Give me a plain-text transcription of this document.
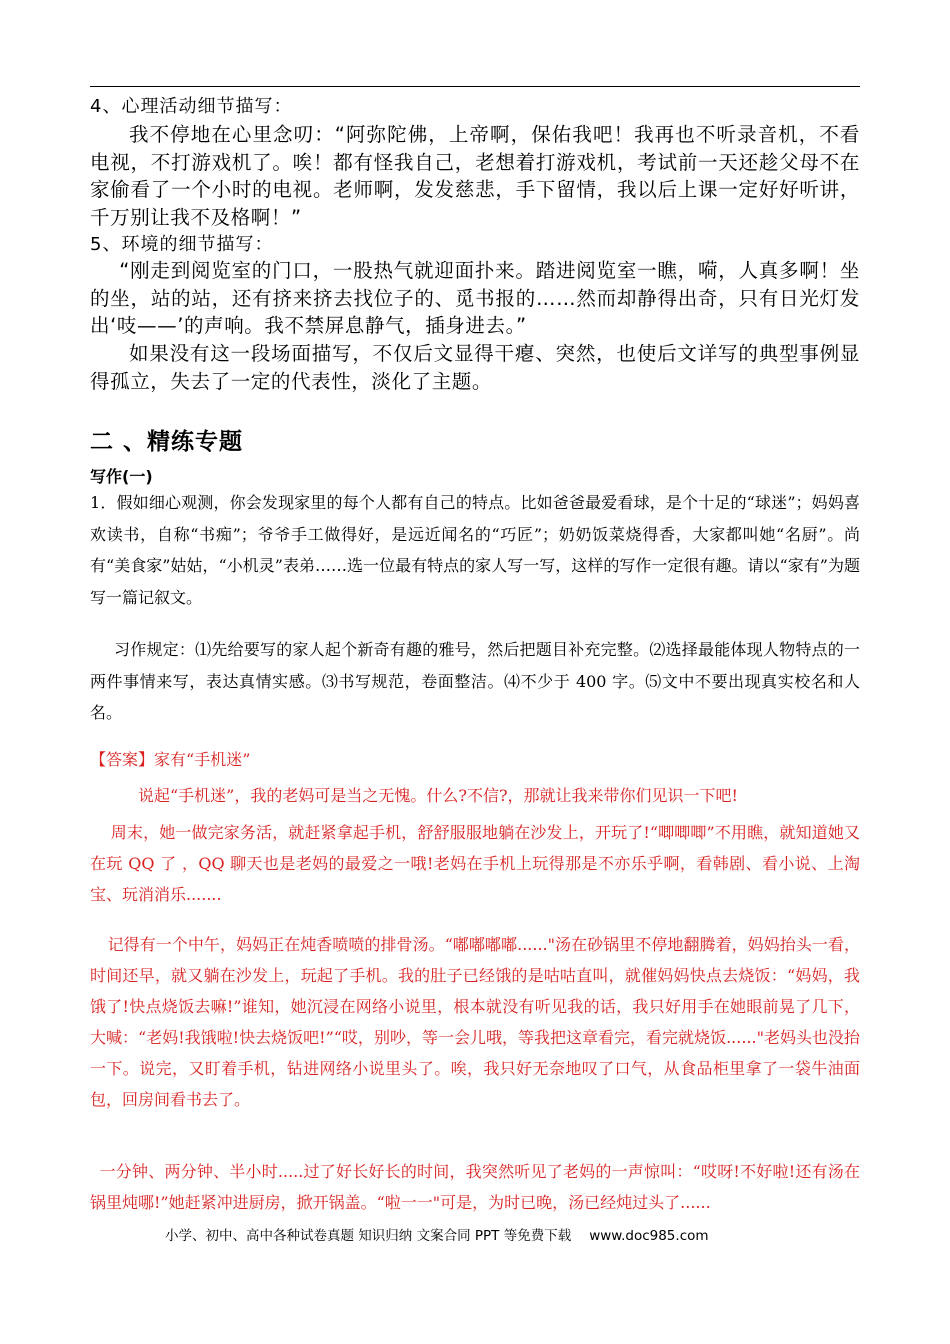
4、心理活动细节描写：
我不停地在心里念叨：“阿弥陀佛，上帝啊，保佑我吧！我再也不听录音机，不看电视，不打游戏机了。唉！都有怪我自己，老想着打游戏机，考试前一天还趁父母不在家偷看了一个小时的电视。老师啊，发发慈悲，手下留情，我以后上课一定好好听讲，千万别让我不及格啊！”
5、环境的细节描写：
“刚走到阅览室的门口，一股热气就迎面扑来。踏进阅览室一瞧，嗬，人真多啊！坐的坐，站的站，还有挤来挤去找位子的、觅书报的……然而却静得出奇，只有日光灯发出‘吱——’的声响。我不禁屏息静气，插身进去。”
如果没有这一段场面描写，不仅后文显得干瘪、突然，也使后文详写的典型事例显得孤立，失去了一定的代表性，淡化了主题。
二 、精练专题
写作(一)
1．假如细心观测，你会发现家里的每个人都有自己的特点。比如爸爸最爱看球，是个十足的“球迷”；妈妈喜欢读书，自称“书痴”；爷爷手工做得好，是远近闻名的“巧匠”；奶奶饭菜烧得香，大家都叫她“名厨”。尚有“美食家”姑姑，“小机灵”表弟……选一位最有特点的家人写一写，这样的写作一定很有趣。请以“家有”为题写一篇记叙文。
习作规定：⑴先给要写的家人起个新奇有趣的雅号，然后把题目补充完整。⑵选择最能体现人物特点的一两件事情来写，表达真情实感。⑶书写规范，卷面整洁。⑷不少于 400 字。⑸文中不要出现真实校名和人名。
【答案】家有“手机迷”
说起“手机迷”，我的老妈可是当之无愧。什么?不信?，那就让我来带你们见识一下吧!
周末，她一做完家务活，就赶紧拿起手机，舒舒服服地躺在沙发上，开玩了!“唧唧唧”不用瞧，就知道她又在玩 QQ 了 ，QQ 聊天也是老妈的最爱之一哦!老妈在手机上玩得那是不亦乐乎啊，看韩剧、看小说、上淘宝、玩消消乐.......
记得有一个中午，妈妈正在炖香喷喷的排骨汤。“嘟嘟嘟嘟......"汤在砂锅里不停地翻腾着，妈妈抬头一看，时间还早，就又躺在沙发上，玩起了手机。我的肚子已经饿的是咕咕直叫，就催妈妈快点去烧饭：“妈妈，我饿了!快点烧饭去嘛!”谁知，她沉浸在网络小说里，根本就没有听见我的话，我只好用手在她眼前晃了几下，大喊：“老妈!我饿啦!快去烧饭吧!”“哎，别吵，等一会儿哦，等我把这章看完，看完就烧饭......"老妈头也没抬一下。说完，又盯着手机，钻进网络小说里头了。唉，我只好无奈地叹了口气，从食品柜里拿了一袋牛油面包，回房间看书去了。
一分钟、两分钟、半小时.....过了好长好长的时间，我突然听见了老妈的一声惊叫：“哎呀!不好啦!还有汤在锅里炖哪!”她赶紧冲进厨房，掀开锅盖。“啦一一"可是，为时已晚，汤已经炖过头了......
小学、初中、高中各种试卷真题 知识归纳 文案合同 PPT 等免费下载 www.doc985.com
